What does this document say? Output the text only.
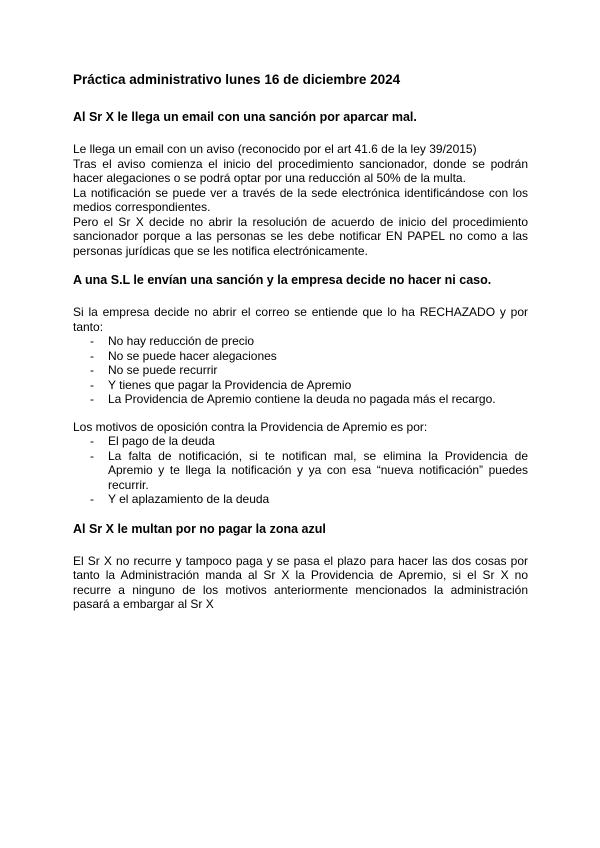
Práctica administrativo lunes 16 de diciembre 2024
Al Sr X le llega un email con una sanción por aparcar mal.

Le llega un email con un aviso (reconocido por el art 41.6 de la ley 39/2015)

Tras el aviso comienza el inicio del procedimiento sancionador, donde se podrán hacer alegaciones o se podrá optar por una reducción al 50% de la multa.

La notificación se puede ver a través de la sede electrónica identificándose con los medios correspondientes.

Pero el Sr X decide no abrir la resolución de acuerdo de inicio del procedimiento sancionador porque a las personas se les debe notificar EN PAPEL no como a las personas jurídicas que se les notifica electrónicamente.

A una S.L le envían una sanción y la empresa decide no hacer ni caso.

Si la empresa decide no abrir el correo se entiende que lo ha RECHAZADO y por tanto:

- No hay reducción de precio
- No se puede hacer alegaciones
- No se puede recurrir
- Y tienes que pagar la Providencia de Apremio
- La Providencia de Apremio contiene la deuda no pagada más el recargo.

Los motivos de oposición contra la Providencia de Apremio es por:

- El pago de la deuda
- La falta de notificación, si te notifican mal, se elimina la Providencia de Apremio y te llega la notificación y ya con esa “nueva notificación” puedes recurrir.
- Y el aplazamiento de la deuda
Al Sr X le multan por no pagar la zona azul

El Sr X no recurre y tampoco paga y se pasa el plazo para hacer las dos cosas por tanto la Administración manda al Sr X la Providencia de Apremio, si el Sr X no recurre a ninguno de los motivos anteriormente mencionados la administración pasará a embargar al Sr X
